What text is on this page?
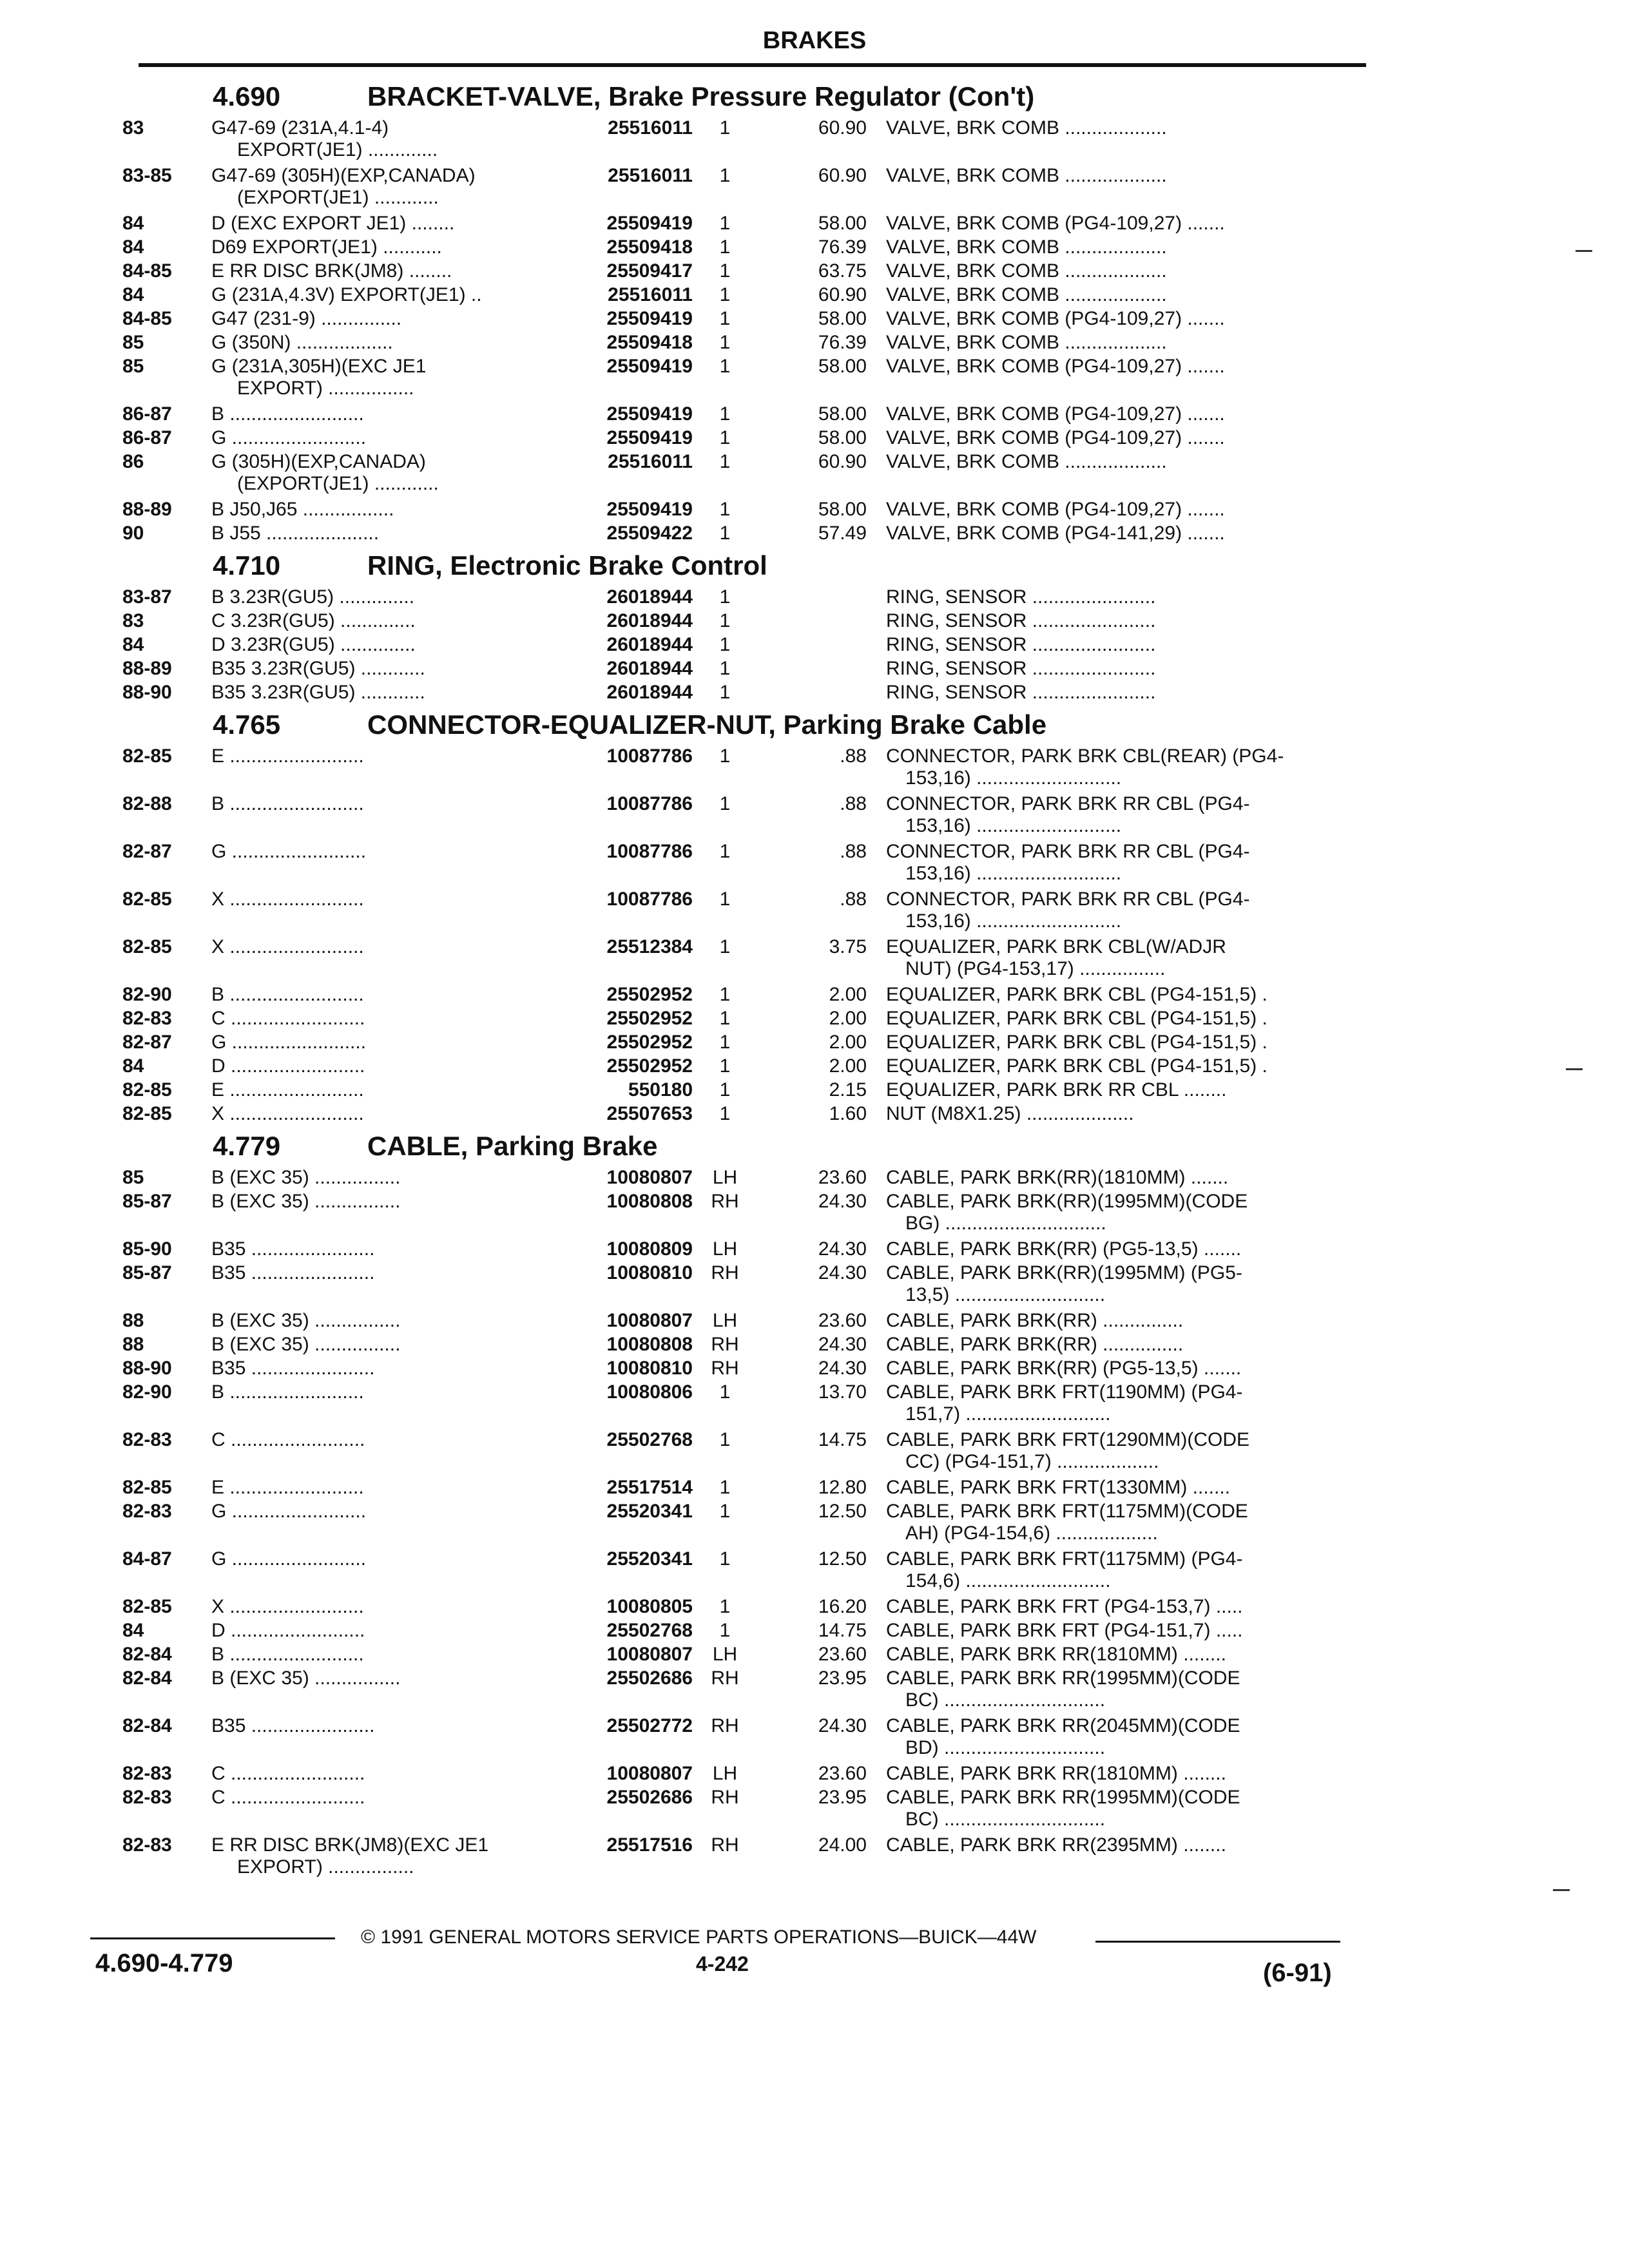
BRAKES
4.690	BRACKET-VALVE, Brake Pressure Regulator (Con't)
83	G47-69 (231A,4.1-4)
EXPORT(JE1) .............
25516011	1	60.90 VALVE, BRK COMB ...................
83-85	G47-69 (305H)(EXP,CANADA)
(EXPORT(JE1) ............
25516011	1	60.90 VALVE, BRK COMB ...................
84	D (EXC EXPORT JE1) ........	25509419	1	58.00 VALVE, BRK COMB (PG4-109,27) .......
84	D69 EXPORT(JE1) ...........	25509418	1	76.39 VALVE, BRK COMB ...................
84-85	E RR DISC BRK(JM8) ........	25509417	1	63.75 VALVE, BRK COMB ...................
84	G (231A,4.3V) EXPORT(JE1) ..	25516011	1	60.90 VALVE, BRK COMB ...................
84-85	G47 (231-9) ...............	25509419	1	58.00 VALVE, BRK COMB (PG4-109,27) .......
85	G (350N) ..................	25509418	1	76.39 VALVE, BRK COMB ...................
85	G (231A,305H)(EXC JE1
EXPORT) ................
25509419	1	58.00 VALVE, BRK COMB (PG4-109,27) .......
86-87	B .........................	25509419	1	58.00 VALVE, BRK COMB (PG4-109,27) .......
86-87	G .........................	25509419	1	58.00 VALVE, BRK COMB (PG4-109,27) .......
86	G (305H)(EXP,CANADA)
(EXPORT(JE1) ............
25516011	1	60.90 VALVE, BRK COMB ...................
88-89	B J50,J65 .................	25509419	1	58.00 VALVE, BRK COMB (PG4-109,27) .......
90	B J55 .....................	25509422	1	57.49 VALVE, BRK COMB (PG4-141,29) .......
4.710	RING, Electronic Brake Control
83-87	B 3.23R(GU5) ..............	26018944	1	RING, SENSOR .......................
83	C 3.23R(GU5) ..............	26018944	1	RING, SENSOR .......................
84	D 3.23R(GU5) ..............	26018944	1	RING, SENSOR .......................
88-89	B35 3.23R(GU5) ............	26018944	1	RING, SENSOR .......................
88-90	B35 3.23R(GU5) ............	26018944	1	RING, SENSOR .......................
4.765	CONNECTOR-EQUALIZER-NUT, Parking Brake Cable
82-85	E .........................	10087786	1	.88 CONNECTOR, PARK BRK CBL(REAR) (PG4-
153,16) ...........................
82-88	B .........................	10087786	1	.88 CONNECTOR, PARK BRK RR CBL (PG4-
153,16) ...........................
82-87	G .........................	10087786	1	.88 CONNECTOR, PARK BRK RR CBL (PG4-
153,16) ...........................
82-85	X .........................	10087786	1	.88 CONNECTOR, PARK BRK RR CBL (PG4-
153,16) ...........................
82-85	X .........................	25512384	1	3.75 EQUALIZER, PARK BRK CBL(W/ADJR
NUT) (PG4-153,17) ................
82-90	B .........................	25502952	1	2.00 EQUALIZER, PARK BRK CBL (PG4-151,5) .
82-83	C .........................	25502952	1	2.00 EQUALIZER, PARK BRK CBL (PG4-151,5) .
82-87	G .........................	25502952	1	2.00 EQUALIZER, PARK BRK CBL (PG4-151,5) .
84	D .........................	25502952	1	2.00 EQUALIZER, PARK BRK CBL (PG4-151,5) .
82-85	E .........................	550180	1	2.15 EQUALIZER, PARK BRK RR CBL ........
82-85	X .........................	25507653	1	1.60 NUT (M8X1.25) ....................
4.779	CABLE, Parking Brake
85	B (EXC 35) ................	10080807	LH	23.60 CABLE, PARK BRK(RR)(1810MM) .......
85-87	B (EXC 35) ................	10080808 RH	24.30 CABLE, PARK BRK(RR)(1995MM)(CODE
BG) ..............................
85-90	B35 .......................	10080809	LH	24.30 CABLE, PARK BRK(RR) (PG5-13,5) .......
85-87	B35 .......................	10080810 RH	24.30 CABLE, PARK BRK(RR)(1995MM) (PG5-
13,5) ............................
88	B (EXC 35) ................	10080807	LH	23.60 CABLE, PARK BRK(RR) ...............
88	B (EXC 35) ................	10080808 RH	24.30 CABLE, PARK BRK(RR) ...............
88-90	B35 .......................	10080810 RH	24.30 CABLE, PARK BRK(RR) (PG5-13,5) .......
82-90	B .........................	10080806	1	13.70 CABLE, PARK BRK FRT(1190MM) (PG4-
151,7) ...........................
82-83	C .........................	25502768	1	14.75 CABLE, PARK BRK FRT(1290MM)(CODE
CC) (PG4-151,7) ...................
82-85	E .........................	25517514	1	12.80 CABLE, PARK BRK FRT(1330MM) .......
82-83	G .........................	25520341	1	12.50 CABLE, PARK BRK FRT(1175MM)(CODE
AH) (PG4-154,6) ...................
84-87	G .........................	25520341	1	12.50 CABLE, PARK BRK FRT(1175MM) (PG4-
154,6) ...........................
82-85	X .........................	10080805	1	16.20 CABLE, PARK BRK FRT (PG4-153,7) .....
84	D .........................	25502768	1	14.75 CABLE, PARK BRK FRT (PG4-151,7) .....
82-84	B .........................	10080807	LH	23.60 CABLE, PARK BRK RR(1810MM) ........
82-84	B (EXC 35) ................	25502686 RH	23.95 CABLE, PARK BRK RR(1995MM)(CODE
BC) ..............................
82-84	B35 .......................	25502772 RH	24.30 CABLE, PARK BRK RR(2045MM)(CODE
BD) ..............................
82-83	C .........................	10080807	LH	23.60 CABLE, PARK BRK RR(1810MM) ........
82-83	C .........................	25502686 RH	23.95 CABLE, PARK BRK RR(1995MM)(CODE
BC) ..............................
82-83	E RR DISC BRK(JM8)(EXC JE1
EXPORT) ................
25517516 RH	24.00 CABLE, PARK BRK RR(2395MM) ........
© 1991 GENERAL MOTORS SERVICE PARTS OPERATIONS—BUICK—44W
4.690-4.779	4-242	(6-91)
